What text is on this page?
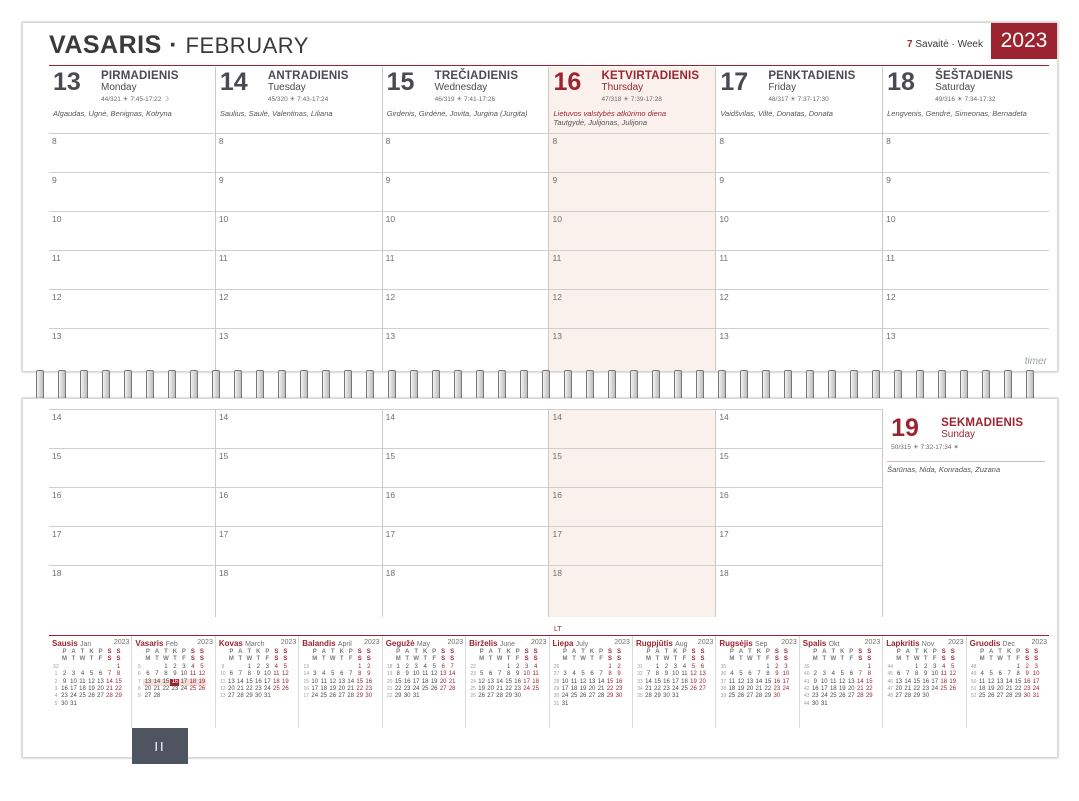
VASARIS · FEBRUARY	7 Savaitė · Week 2023
13 PIRMADIENIS
Monday
44/321 ☀ 7:45-17:22 ☽
Algaudas, Ugnė, Benignas, Kotryna
8
9
10
11
12
13
14 ANTRADIENIS
Tuesday
45/320 ☀ 7:43-17:24
Saulius, Saulė, Valentinas, Liliana
8
9
10
11
12
13
15 TREČIADIENIS
Wednesday
46/319 ☀ 7:41-17:26
Girdenis, Girdėnė, Jovita, Jurgina (Jurgita)
8
9
10
11
12
13
16 KETVIRTADIENIS
Thursday
47/318 ☀ 7:39-17:28
Lietuvos valstybės atkūrimo diena
Tautgydė, Julijonas, Julijona
8
9
10
11
12
13
17 PENKTADIENIS
Friday
48/317 ☀ 7:37-17:30
Vaidšvilas, Viltė, Donatas, Donata
8
9
10
11
12
13
18 ŠEŠTADIENIS
Saturday
49/316 ☀ 7:34-17:32
Lengvenis, Gendrė, Simeonas, Bernadeta
8
9
10
11
12
13
timer
14
15
16
17
18
14
15
16
17
18
14
15
16
17
18
14
15
16
17
18
14
15
16
17
18
19 SEKMADIENIS
Sunday
50/315 ☀ 7:32-17:34 ✶
Šarūnas, Nida, Konradas, Zuzana
LT
2023
Sausis Jan
	P	A	T	K	P	S	S
	M	T	W	T	F	S	S
52							1
1	2	3	4	5	6	7	8
2	9	10	11	12	13	14	15
3	16	17	18	19	20	21	22
4	23	24	25	26	27	28	29
5	30	31					
2023
Vasaris Feb
	P	A	T	K	P	S	S
	M	T	W	T	F	S	S
5			1	2	3	4	5
6	6	7	8	9	10	11	12
7	13	14	15	16	17	18	19
8	20	21	22	23	24	25	26
9	27	28					
2023
Kovas March
	P	A	T	K	P	S	S
	M	T	W	T	F	S	S
9			1	2	3	4	5
10	6	7	8	9	10	11	12
11	13	14	15	16	17	18	19
12	20	21	22	23	24	25	26
13	27	28	29	30	31		
2023
Balandis April
	P	A	T	K	P	S	S
	M	T	W	T	F	S	S
13						1	2
14	3	4	5	6	7	8	9
15	10	11	12	13	14	15	16
16	17	18	19	20	21	22	23
17	24	25	26	27	28	29	30
2023
Gegužė May
	P	A	T	K	P	S	S
	M	T	W	T	F	S	S
18	1	2	3	4	5	6	7
19	8	9	10	11	12	13	14
20	15	16	17	18	19	20	21
21	22	23	24	25	26	27	28
22	29	30	31				
2023
Birželis June
	P	A	T	K	P	S	S
	M	T	W	T	F	S	S
22				1	2	3	4
23	5	6	7	8	9	10	11
24	12	13	14	15	16	17	18
25	19	20	21	22	23	24	25
26	26	27	28	29	30		
2023
Liepa July
	P	A	T	K	P	S	S
	M	T	W	T	F	S	S
26						1	2
27	3	4	5	6	7	8	9
28	10	11	12	13	14	15	16
29	17	18	19	20	21	22	23
30	24	25	26	27	28	29	30
31	31						
2023
Rugpjūtis Aug
	P	A	T	K	P	S	S
	M	T	W	T	F	S	S
31		1	2	3	4	5	6
32	7	8	9	10	11	12	13
33	14	15	16	17	18	19	20
34	21	22	23	24	25	26	27
35	28	29	30	31			
2023
Rugsėjis Sep
	P	A	T	K	P	S	S
	M	T	W	T	F	S	S
35					1	2	3
36	4	5	6	7	8	9	10
37	11	12	13	14	15	16	17
38	18	19	20	21	22	23	24
39	25	26	27	28	29	30	
2023
Spalis Okt
	P	A	T	K	P	S	S
	M	T	W	T	F	S	S
39							1
40	2	3	4	5	6	7	8
41	9	10	11	12	13	14	15
42	16	17	18	19	20	21	22
43	23	24	25	26	27	28	29
44	30	31					
2023
Lapkritis Nov
	P	A	T	K	P	S	S
	M	T	W	T	F	S	S
44			1	2	3	4	5
45	6	7	8	9	10	11	12
46	13	14	15	16	17	18	19
47	20	21	22	23	24	25	26
48	27	28	29	30			
2023
Gruodis Dec
	P	A	T	K	P	S	S
	M	T	W	T	F	S	S
48					1	2	3
49	4	5	6	7	8	9	10
50	11	12	13	14	15	16	17
51	18	19	20	21	22	23	24
52	25	26	27	28	29	30	31
II
